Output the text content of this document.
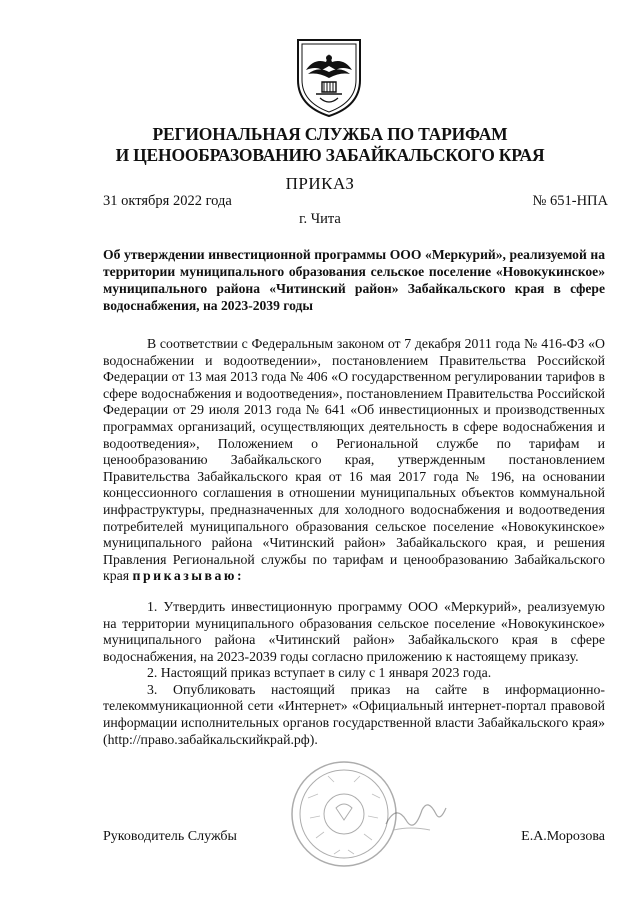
РЕГИОНАЛЬНАЯ СЛУЖБА ПО ТАРИФАМ
И ЦЕНООБРАЗОВАНИЮ ЗАБАЙКАЛЬСКОГО КРАЯ
ПРИКАЗ
31 октября 2022 года	№ 651-НПА
г. Чита
Об утверждении инвестиционной программы ООО «Меркурий», реализуемой на территории муниципального образования сельское поселение «Новокукинское» муниципального района «Читинский район» Забайкальского края в сфере водоснабжения, на 2023-2039 годы

В соответствии с Федеральным законом от 7 декабря 2011 года № 416-ФЗ «О водоснабжении и водоотведении», постановлением Правительства Российской Федерации от 13 мая 2013 года № 406 «О государственном регулировании тарифов в сфере водоснабжения и водоотведения», постановлением Правительства Российской Федерации от 29 июля 2013 года № 641 «Об инвестиционных и производственных программах организаций, осуществляющих деятельность в сфере водоснабжения и водоотведения», Положением о Региональной службе по тарифам и ценообразованию Забайкальского края, утвержденным постановлением Правительства Забайкальского края от 16 мая 2017 года № 196, на основании концессионного соглашения в отношении муниципальных объектов коммунальной инфраструктуры, предназначенных для холодного водоснабжения и водоотведения потребителей муниципального образования сельское поселение «Новокукинское» муниципального района «Читинский район» Забайкальского края, и решения Правления Региональной службы по тарифам и ценообразованию Забайкальского края приказываю:

1. Утвердить инвестиционную программу ООО «Меркурий», реализуемую на территории муниципального образования сельское поселение «Новокукинское» муниципального района «Читинский район» Забайкальского края в сфере водоснабжения, на 2023-2039 годы согласно приложению к настоящему приказу.

2. Настоящий приказ вступает в силу с 1 января 2023 года.

3. Опубликовать настоящий приказ на сайте в информационно-телекоммуникационной сети «Интернет» «Официальный интернет-портал правовой информации исполнительных органов государственной власти Забайкальского края» (http://право.забайкальскийкрай.рф).

Руководитель Службы	Е.А.Морозова
